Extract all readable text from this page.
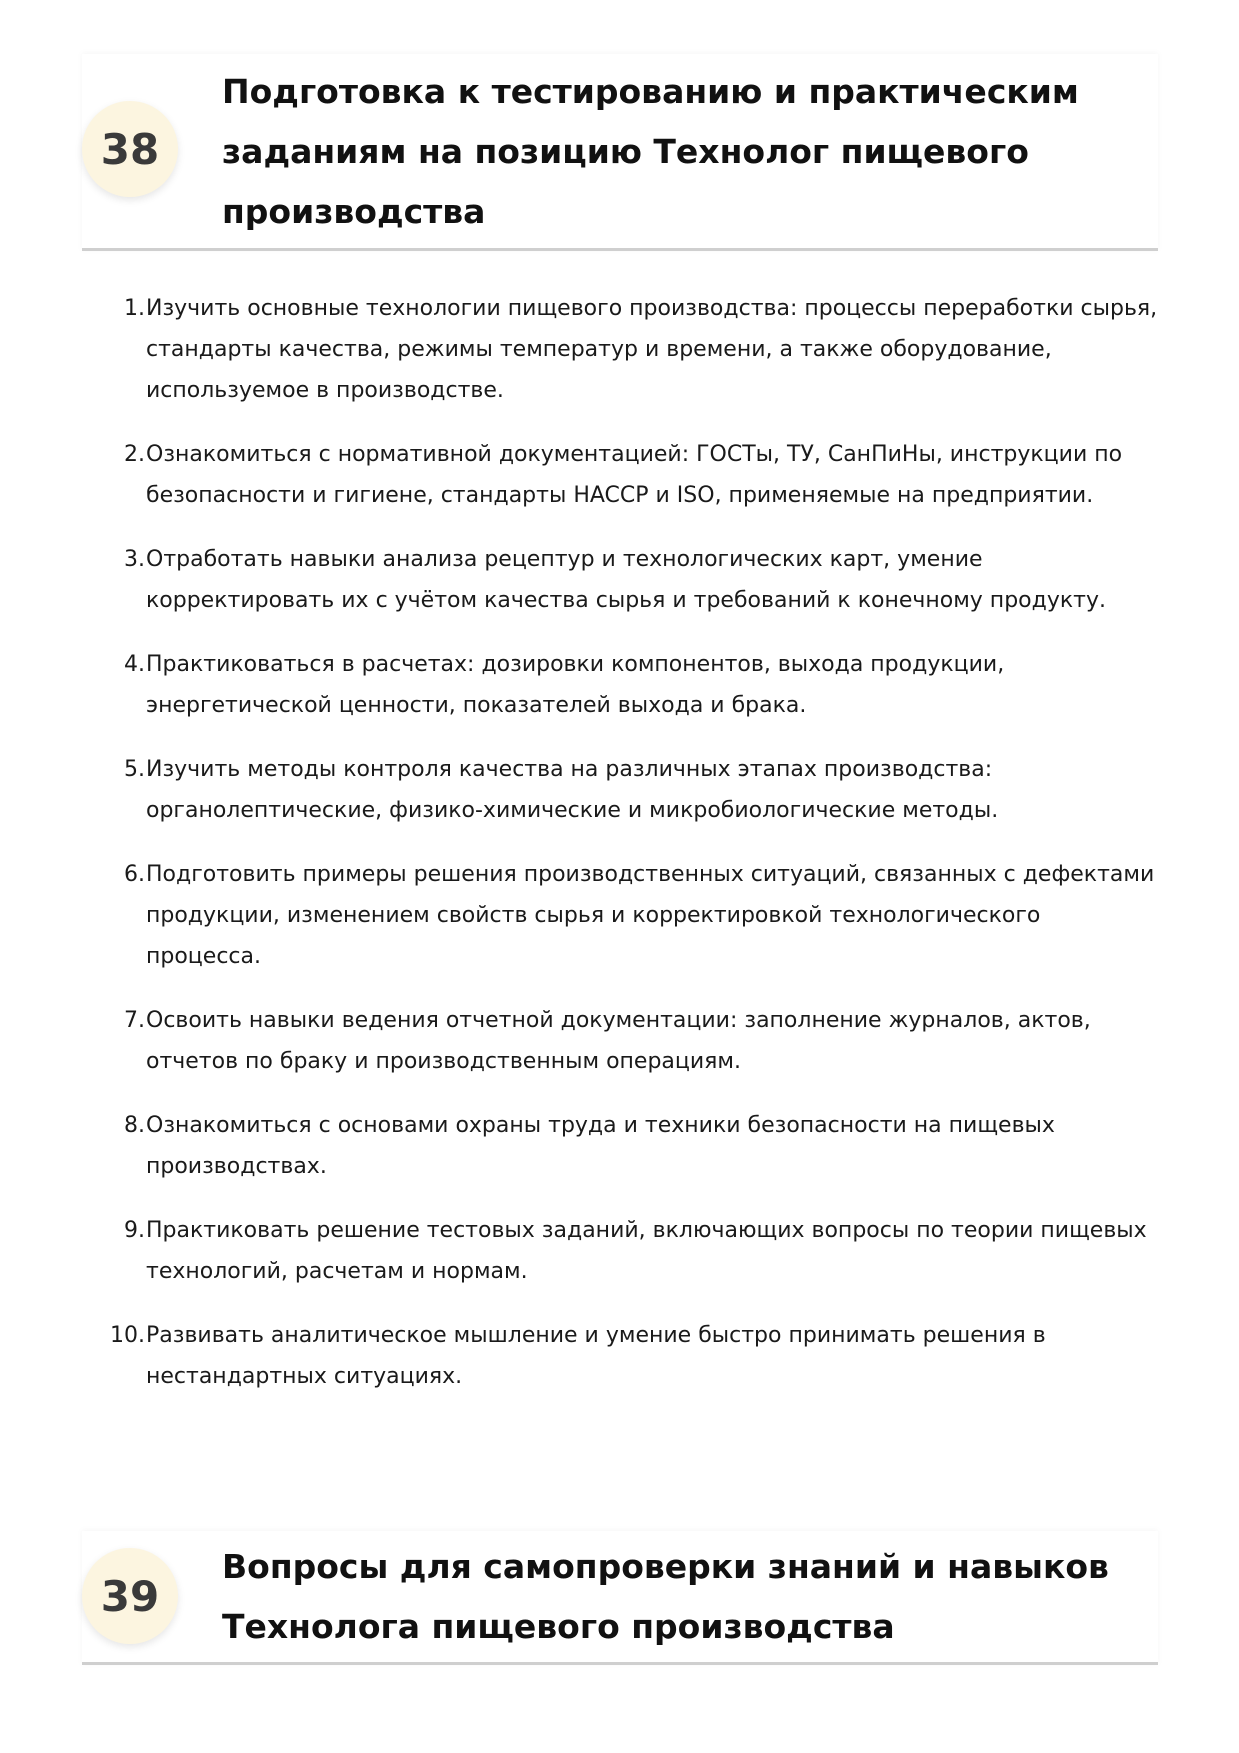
38
Подготовка к тестированию и практическим заданиям на позицию Технолог пищевого производства
1. Изучить основные технологии пищевого производства: процессы переработки сырья, стандарты качества, режимы температур и времени, а также оборудование, используемое в производстве.
2. Ознакомиться с нормативной документацией: ГОСТы, ТУ, СанПиНы, инструкции по безопасности и гигиене, стандарты HACCP и ISO, применяемые на предприятии.
3. Отработать навыки анализа рецептур и технологических карт, умение корректировать их с учётом качества сырья и требований к конечному продукту.
4. Практиковаться в расчетах: дозировки компонентов, выхода продукции, энергетической ценности, показателей выхода и брака.
5. Изучить методы контроля качества на различных этапах производства: органолептические, физико-химические и микробиологические методы.
6. Подготовить примеры решения производственных ситуаций, связанных с дефектами продукции, изменением свойств сырья и корректировкой технологического процесса.
7. Освоить навыки ведения отчетной документации: заполнение журналов, актов, отчетов по браку и производственным операциям.
8. Ознакомиться с основами охраны труда и техники безопасности на пищевых производствах.
9. Практиковать решение тестовых заданий, включающих вопросы по теории пищевых технологий, расчетам и нормам.
10. Развивать аналитическое мышление и умение быстро принимать решения в нестандартных ситуациях.
39
Вопросы для самопроверки знаний и навыков Технолога пищевого производства
